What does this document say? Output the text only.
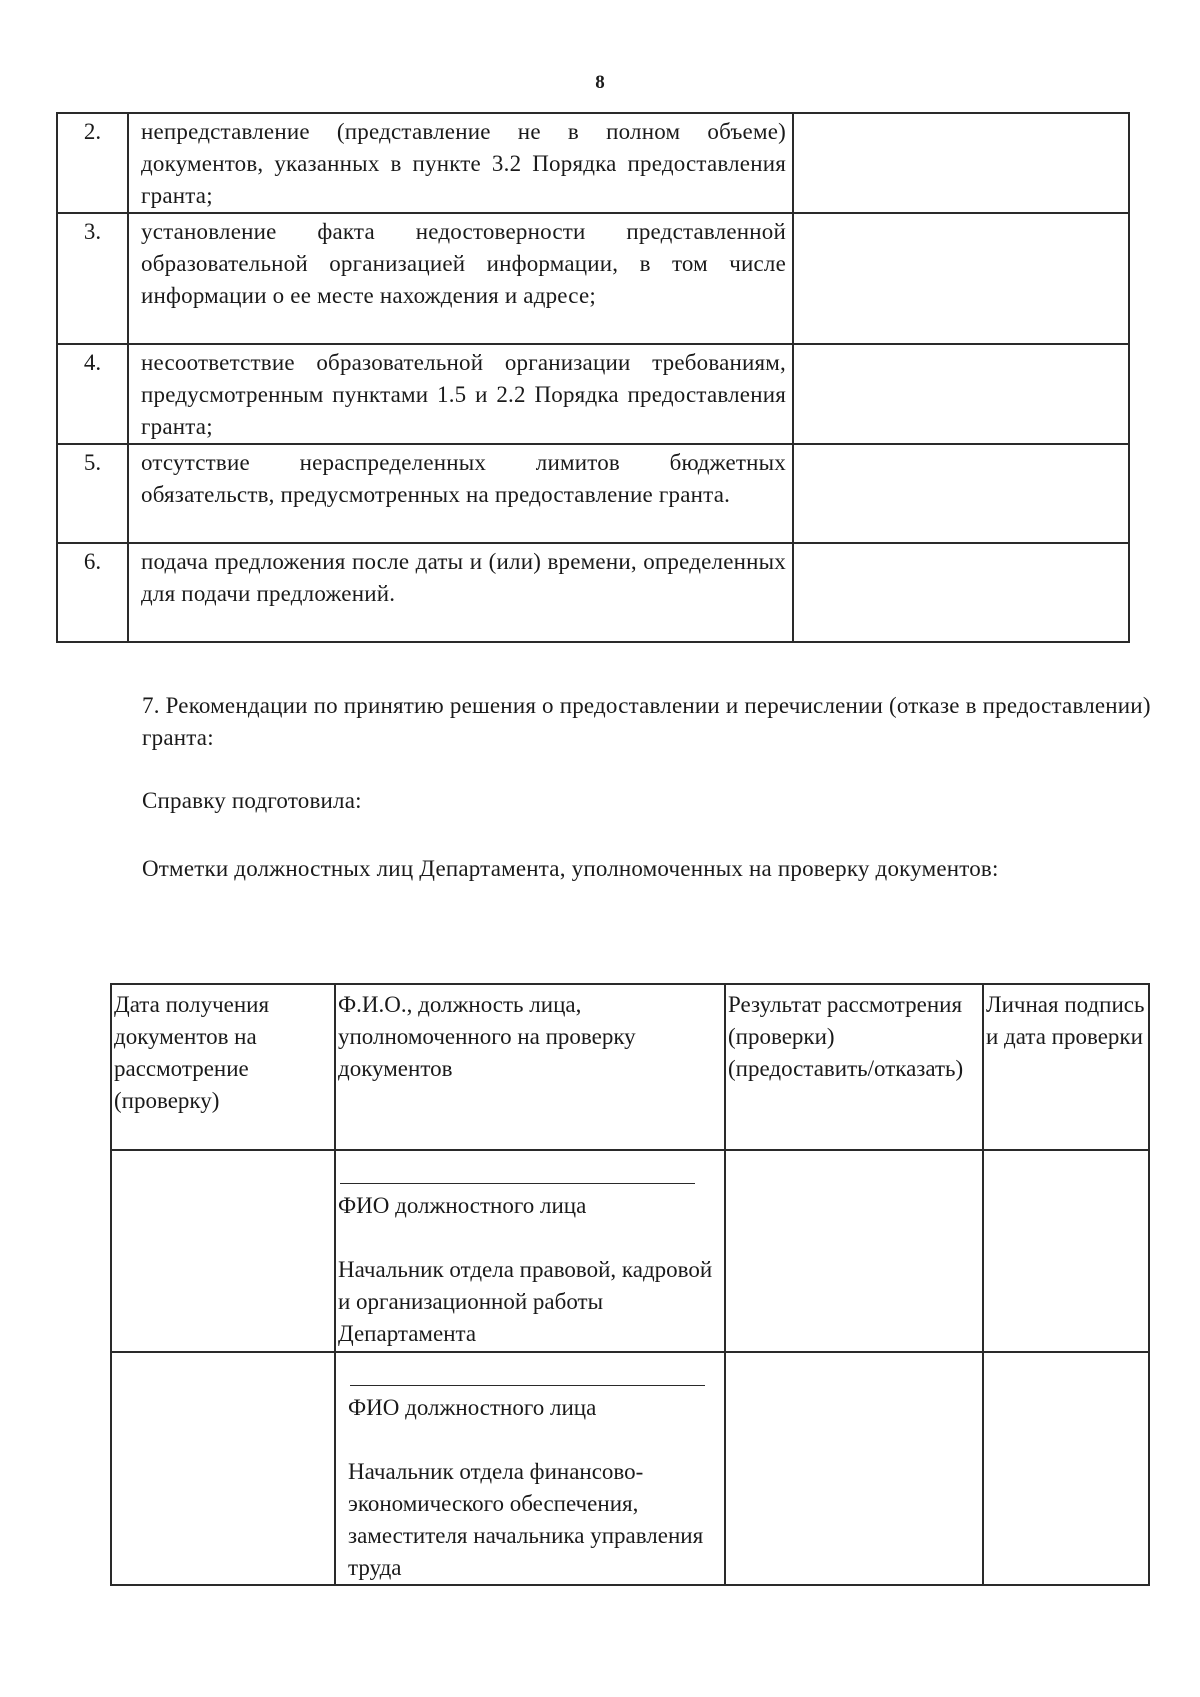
8
2.	непредставление (представление не в полном объеме) документов, указанных в пункте 3.2 Порядка предоставления гранта;	
3.	установление факта недостоверности представленной образовательной организацией информации, в том числе информации о ее месте нахождения и адресе;	
4.	несоответствие образовательной организации требованиям, предусмотренным пунктами 1.5 и 2.2 Порядка предоставления гранта;	
5.	отсутствие нераспределенных лимитов бюджетных обязательств, предусмотренных на предоставление гранта.	
6.	подача предложения после даты и (или) времени, определенных для подачи предложений.	
7. Рекомендации по принятию решения о предоставлении и перечислении (отказе в предоставлении) гранта:
Справку подготовила:
Отметки должностных лиц Департамента, уполномоченных на проверку документов:
Дата получения документов на рассмотрение (проверку)	Ф.И.О., должность лица, уполномоченного на проверку документов	Результат рассмотрения (проверки) (предоставить/отказать)	Личная подпись и дата проверки

	ФИО должностного лица
Начальник отдела правовой, кадровой и организационной работы Департамента		

	ФИО должностного лица
Начальник отдела финансово-экономического обеспечения, заместителя начальника управления труда		
